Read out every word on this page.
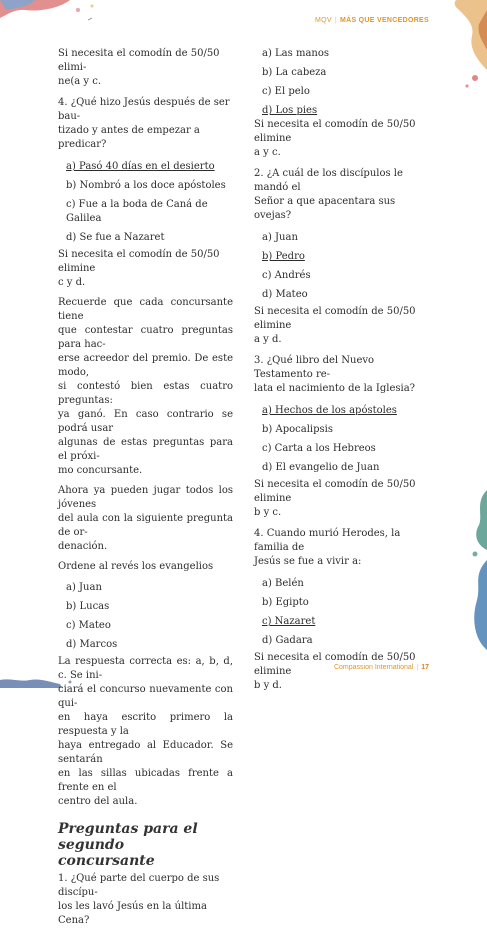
MQV | MÁS QUE VENCEDORES

Si necesita el comodín de 50/50 elimi-

ne(a y c.

4. ¿Qué hizo Jesús después de ser bau-

tizado y antes de empezar a predicar?

a) Pasó 40 días en el desierto

b) Nombró a los doce apóstoles

c) Fue a la boda de Caná de Galilea

d) Se fue a Nazaret

Si necesita el comodín de 50/50 elimine

c y d.

Recuerde que cada concursante tiene

que contestar cuatro preguntas para hac-

erse acreedor del premio. De este modo,

si contestó bien estas cuatro preguntas:

ya ganó. En caso contrario se podrá usar

algunas de estas preguntas para el próxi-

mo concursante.

Ahora ya pueden jugar todos los jóvenes

del aula con la siguiente pregunta de or-

denación.

Ordene al revés los evangelios

a) Juan

b) Lucas

c) Mateo

d) Marcos

La respuesta correcta es: a, b, d, c. Se ini-

ciará el concurso nuevamente con qui-

en haya escrito primero la respuesta y la

haya entregado al Educador. Se sentarán

en las sillas ubicadas frente a frente en el

centro del aula.

Preguntas para el segundo

concursante

1. ¿Qué parte del cuerpo de sus discípu-

los les lavó Jesús en la última Cena?

a) Las manos

b) La cabeza

c) El pelo

d) Los pies

Si necesita el comodín de 50/50 elimine

a y c.

2. ¿A cuál de los discípulos le mandó el

Señor a que apacentara sus ovejas?

a) Juan

b) Pedro

c) Andrés

d) Mateo

Si necesita el comodín de 50/50 elimine

a y d.

3. ¿Qué libro del Nuevo Testamento re-

lata el nacimiento de la Iglesia?

a) Hechos de los apóstoles

b) Apocalipsis

c) Carta a los Hebreos

d) El evangelio de Juan

Si necesita el comodín de 50/50 elimine

b y c.

4. Cuando murió Herodes, la familia de

Jesús se fue a vivir a:

a) Belén

b) Egipto

c) Nazaret

d) Gadara

Si necesita el comodín de 50/50 elimine

b y d.

Compassion International | 17
